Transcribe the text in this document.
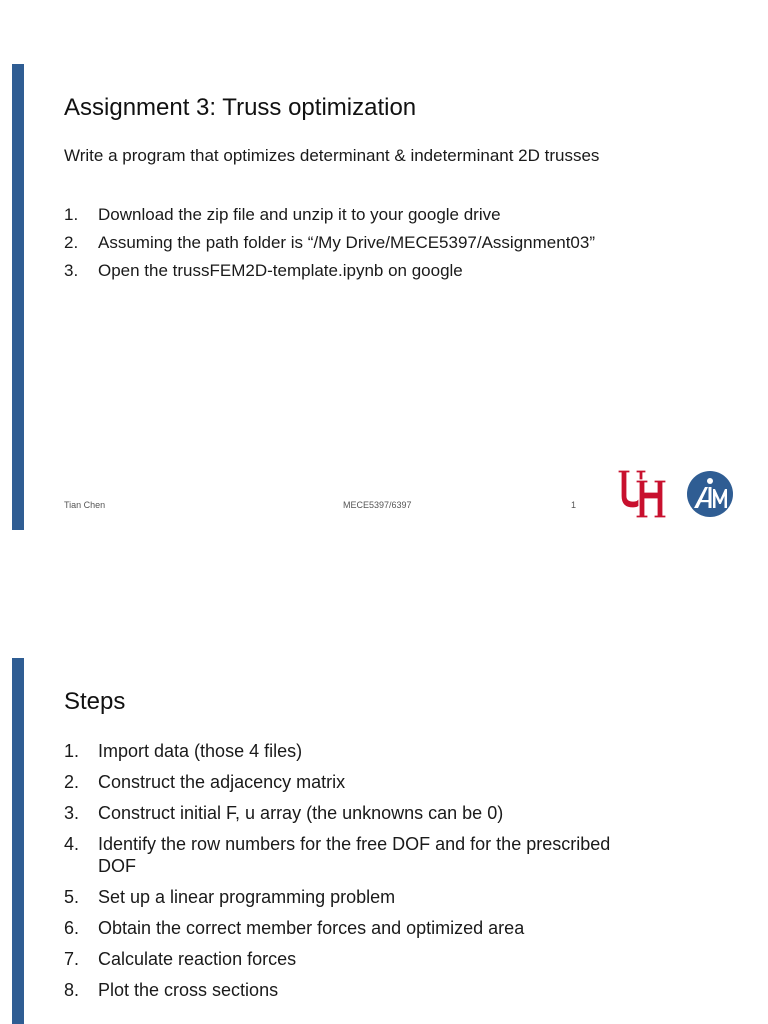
Assignment 3: Truss optimization

Write a program that optimizes determinant & indeterminant 2D trusses

1.	Download the zip file and unzip it to your google drive
2.	Assuming the path folder is “/My Drive/MECE5397/Assignment03”
3.	Open the trussFEM2D-template.ipynb on google
Tian Chen	MECE5397/6397	1
Steps
1.	Import data (those 4 files)
2.	Construct the adjacency matrix
3.	Construct initial F, u array (the unknowns can be 0)
4.	Identify the row numbers for the free DOF and for the prescribed DOF
5.	Set up a linear programming problem
6.	Obtain the correct member forces and optimized area
7.	Calculate reaction forces
8.	Plot the cross sections
